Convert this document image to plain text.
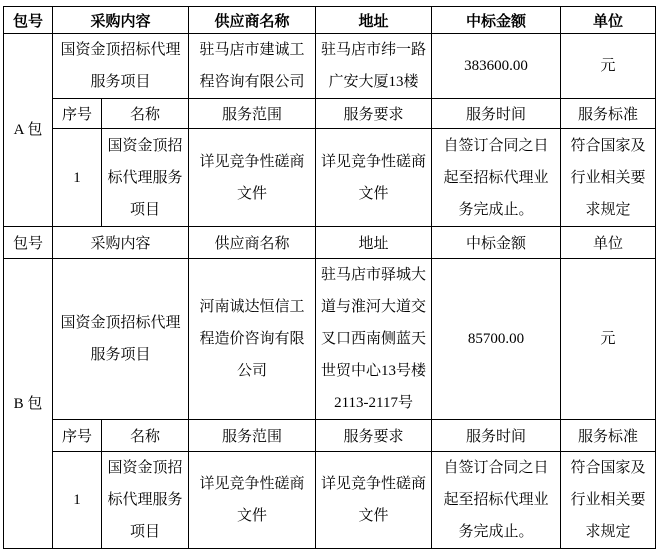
包号	采购内容		供应商名称	地址	中标金额	单位
A 包	国资金顶招标代理服务项目		驻马店市建诚工程咨询有限公司	驻马店市纬一路广安大厦13楼	383600.00	元
	序号	名称	服务范围	服务要求	服务时间	服务标准
	1	国资金顶招标代理服务项目	详见竞争性磋商文件	详见竞争性磋商文件	自签订合同之日起至招标代理业务完成止。	符合国家及行业相关要求规定
包号	采购内容		供应商名称	地址	中标金额	单位
B 包	国资金顶招标代理服务项目		河南诚达恒信工程造价咨询有限公司	驻马店市驿城大道与淮河大道交叉口西南侧蓝天世贸中心13号楼2113-2117号	85700.00	元
	序号	名称	服务范围	服务要求	服务时间	服务标准
	1	国资金顶招标代理服务项目	详见竞争性磋商文件	详见竞争性磋商文件	自签订合同之日起至招标代理业务完成止。	符合国家及行业相关要求规定
